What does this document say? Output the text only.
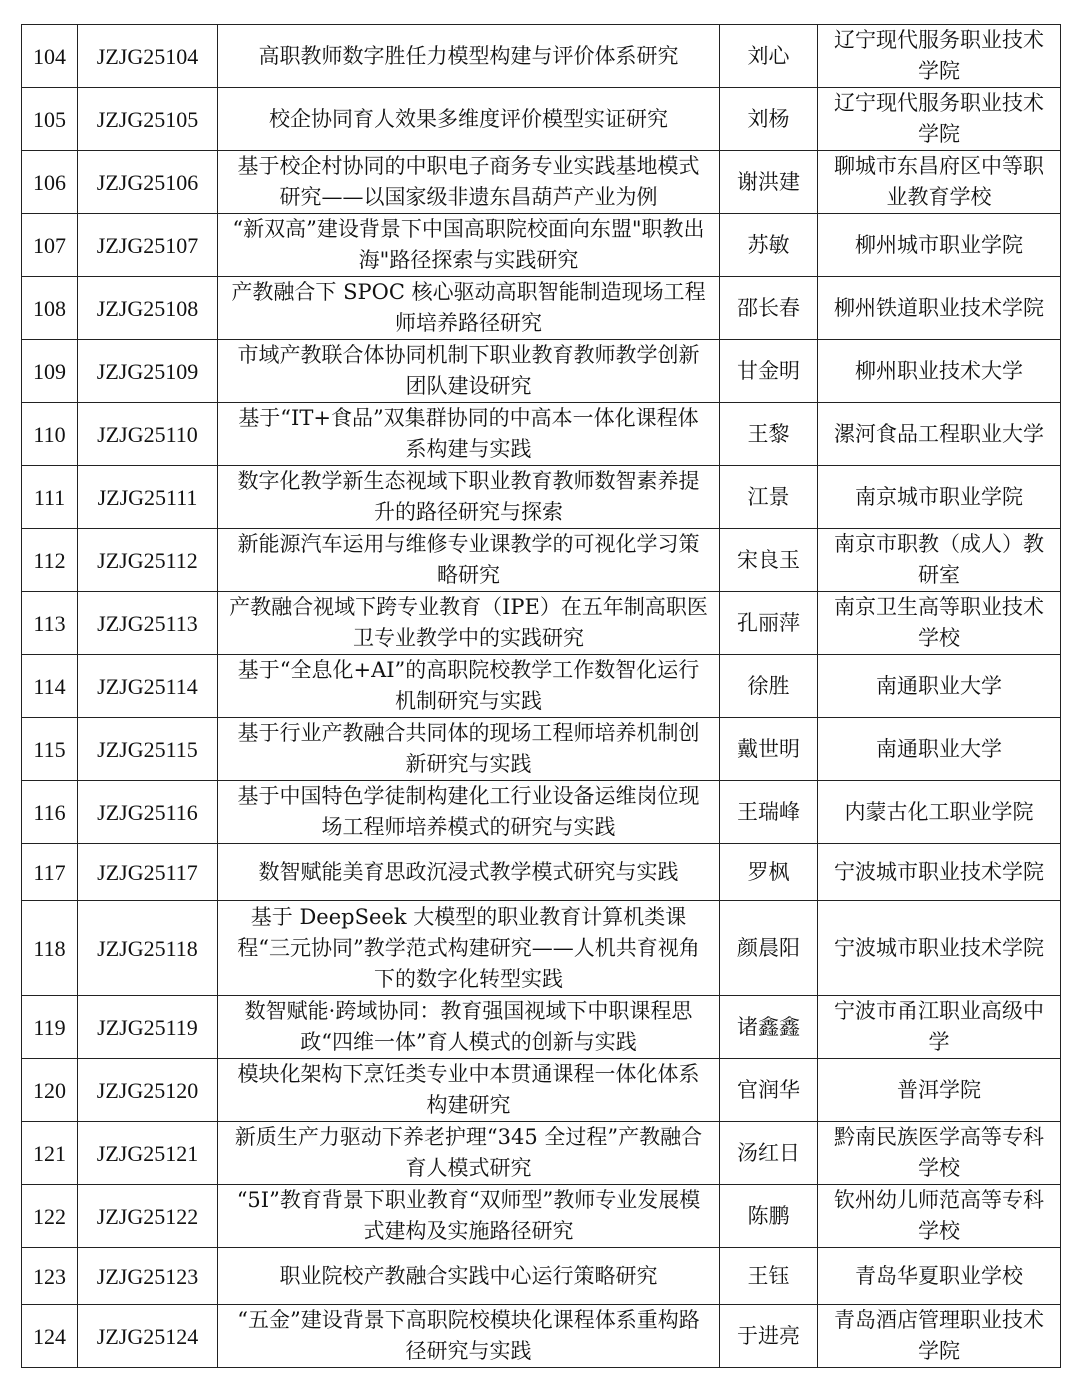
104	JZJG25104	高职教师数字胜任力模型构建与评价体系研究	刘心	辽宁现代服务职业技术学院
105	JZJG25105	校企协同育人效果多维度评价模型实证研究	刘杨	辽宁现代服务职业技术学院
106	JZJG25106	基于校企村协同的中职电子商务专业实践基地模式研究——以国家级非遗东昌葫芦产业为例	谢洪建	聊城市东昌府区中等职业教育学校
107	JZJG25107	“新双高”建设背景下中国高职院校面向东盟"职教出海"路径探索与实践研究	苏敏	柳州城市职业学院
108	JZJG25108	产教融合下 SPOC 核心驱动高职智能制造现场工程师培养路径研究	邵长春	柳州铁道职业技术学院
109	JZJG25109	市域产教联合体协同机制下职业教育教师教学创新团队建设研究	甘金明	柳州职业技术大学
110	JZJG25110	基于“IT+食品”双集群协同的中高本一体化课程体系构建与实践	王黎	漯河食品工程职业大学
111	JZJG25111	数字化教学新生态视域下职业教育教师数智素养提升的路径研究与探索	江景	南京城市职业学院
112	JZJG25112	新能源汽车运用与维修专业课教学的可视化学习策略研究	宋良玉	南京市职教（成人）教研室
113	JZJG25113	产教融合视域下跨专业教育（IPE）在五年制高职医卫专业教学中的实践研究	孔丽萍	南京卫生高等职业技术学校
114	JZJG25114	基于“全息化+AI”的高职院校教学工作数智化运行机制研究与实践	徐胜	南通职业大学
115	JZJG25115	基于行业产教融合共同体的现场工程师培养机制创新研究与实践	戴世明	南通职业大学
116	JZJG25116	基于中国特色学徒制构建化工行业设备运维岗位现场工程师培养模式的研究与实践	王瑞峰	内蒙古化工职业学院
117	JZJG25117	数智赋能美育思政沉浸式教学模式研究与实践	罗枫	宁波城市职业技术学院
118	JZJG25118	基于 DeepSeek 大模型的职业教育计算机类课程“三元协同”教学范式构建研究——人机共育视角下的数字化转型实践	颜晨阳	宁波城市职业技术学院
119	JZJG25119	数智赋能·跨域协同：教育强国视域下中职课程思政“四维一体”育人模式的创新与实践	诸鑫鑫	宁波市甬江职业高级中学
120	JZJG25120	模块化架构下烹饪类专业中本贯通课程一体化体系构建研究	官润华	普洱学院
121	JZJG25121	新质生产力驱动下养老护理“345 全过程”产教融合育人模式研究	汤红日	黔南民族医学高等专科学校
122	JZJG25122	“5I”教育背景下职业教育“双师型”教师专业发展模式建构及实施路径研究	陈鹏	钦州幼儿师范高等专科学校
123	JZJG25123	职业院校产教融合实践中心运行策略研究	王钰	青岛华夏职业学校
124	JZJG25124	“五金”建设背景下高职院校模块化课程体系重构路径研究与实践	于进亮	青岛酒店管理职业技术学院
